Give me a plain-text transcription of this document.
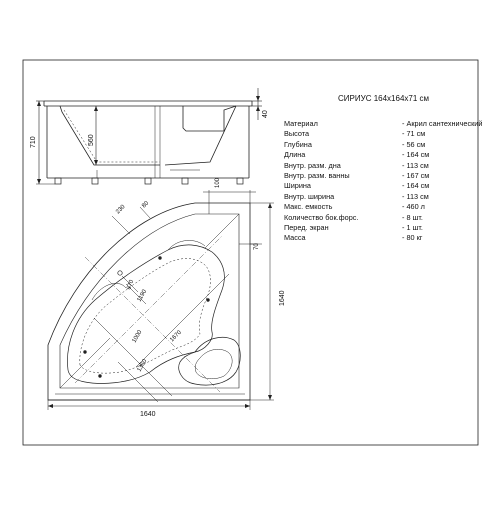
710	560
40
1640
1640
100
70
230 80
670
1190
1000	1670
1360
СИРИУС 164x164x71 см
Материал	- Акрил сантехнический
Высота	- 71 см
Глубина	- 56 см
Длина	- 164 см
Внутр. разм. дна	- 113 см
Внутр. разм. ванны	- 167 см
Ширина	- 164 см
Внутр. ширина	- 113 см
Макс. емкость	- 460 л
Количество бок.форс.	- 8 шт.
Перед. экран	- 1 шт.
Масса	- 80 кг
